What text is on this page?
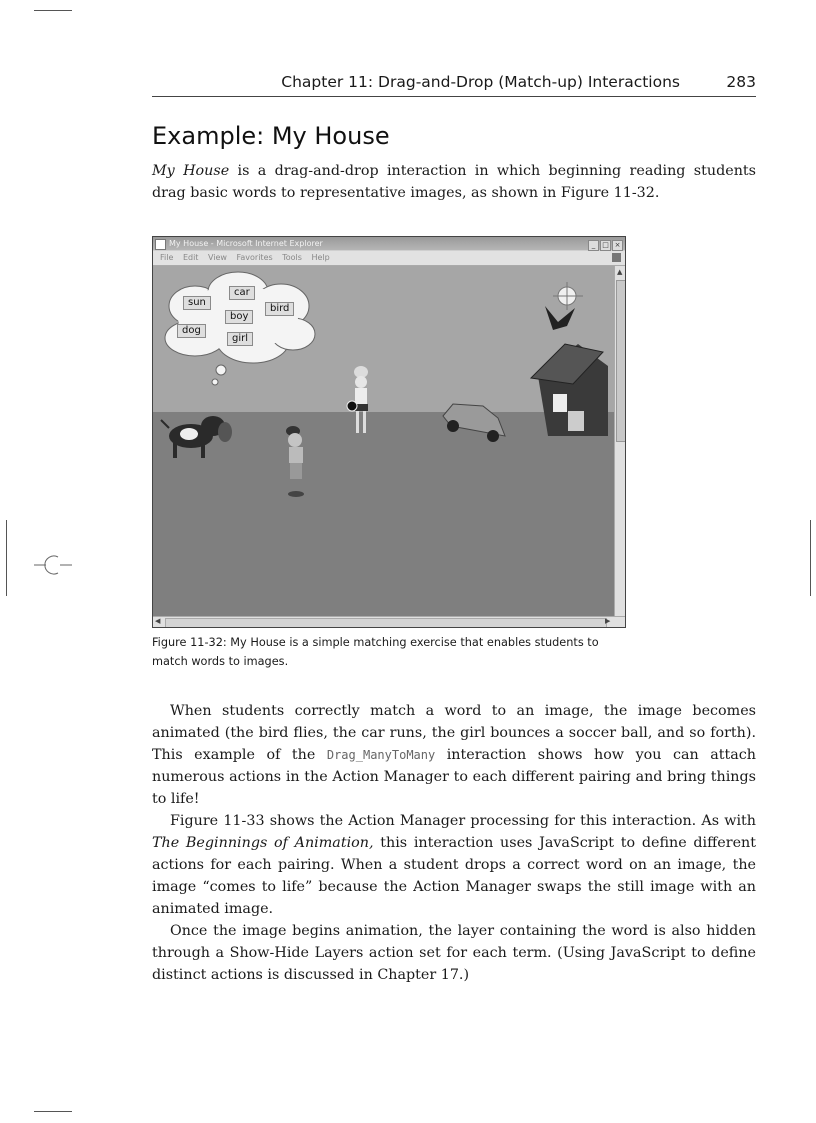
Chapter 11: Drag-and-Drop (Match-up) Interactions	283
Example: My House
My House is a drag-and-drop interaction in which beginning reading students drag basic words to representative images, as shown in Figure 11-32.
My House - Microsoft Internet Explorer	_ □ ×
File Edit View Favorites Tools Help
sun
car
bird
boy
dog
girl
▲
◀	▶
Figure 11-32: My House is a simple matching exercise that enables students to match words to images.

When students correctly match a word to an image, the image becomes animated (the bird flies, the car runs, the girl bounces a soccer ball, and so forth). This example of the Drag_ManyToMany interaction shows how you can attach numerous actions in the Action Manager to each different pairing and bring things to life!

Figure 11-33 shows the Action Manager processing for this interaction. As with The Beginnings of Animation, this interaction uses JavaScript to define different actions for each pairing. When a student drops a correct word on an image, the image “comes to life” because the Action Manager swaps the still image with an animated image.

Once the image begins animation, the layer containing the word is also hidden through a Show-Hide Layers action set for each term. (Using JavaScript to define distinct actions is discussed in Chapter 17.)
